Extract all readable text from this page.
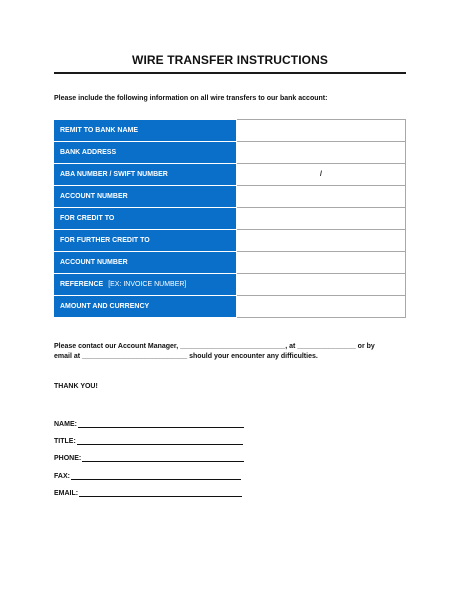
WIRE TRANSFER INSTRUCTIONS
Please include the following information on all wire transfers to our bank account:
REMIT TO BANK NAME	
BANK ADDRESS	
ABA NUMBER / SWIFT NUMBER	/
ACCOUNT NUMBER	
FOR CREDIT TO	
FOR FURTHER CREDIT TO	
ACCOUNT NUMBER	
REFERENCE [EX: INVOICE NUMBER]	
AMOUNT AND CURRENCY	
Please contact our Account Manager, ___________________________, at _______________ or by
email at ___________________________ should your encounter any difficulties.
THANK YOU!
NAME:
TITLE:
PHONE:
FAX:
EMAIL:
